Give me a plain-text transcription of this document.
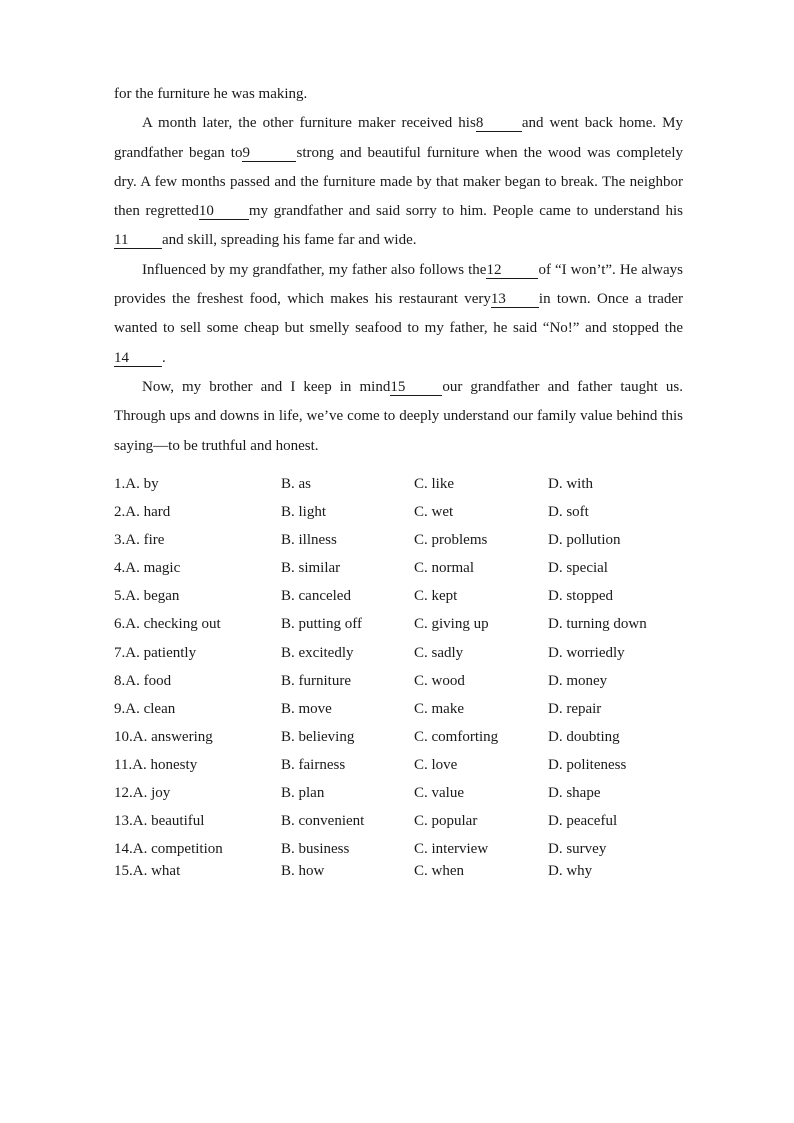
for the furniture he was making.

A month later, the other furniture maker received his8	and went back home. My grandfather began to9	strong and beautiful furniture when the wood was completely dry. A few months passed and the furniture made by that maker began to break. The neighbor then regretted10 my grandfather and said sorry to him. People came to understand his11 and skill, spreading his fame far and wide.

Influenced by my grandfather, my father also follows the12 of “I won’t”. He always provides the freshest food, which makes his restaurant very13 in town. Once a trader wanted to sell some cheap but smelly seafood to my father, he said “No!” and stopped the14 .

Now, my brother and I keep in mind15 our grandfather and father taught us. Through ups and downs in life, we’ve come to deeply understand our family value behind this saying—to be truthful and honest.

1.A. by	B. as	C. like	D. with
2.A. hard	B. light	C. wet	D. soft
3.A. fire	B. illness	C. problems	D. pollution
4.A. magic	B. similar	C. normal	D. special
5.A. began	B. canceled	C. kept	D. stopped
6.A. checking out	B. putting off	C. giving up	D. turning down
7.A. patiently	B. excitedly	C. sadly	D. worriedly
8.A. food	B. furniture	C. wood	D. money
9.A. clean	B. move	C. make	D. repair
10.A. answering	B. believing	C. comforting	D. doubting
11.A. honesty	B. fairness	C. love	D. politeness
12.A. joy	B. plan	C. value	D. shape
13.A. beautiful	B. convenient	C. popular	D. peaceful
14.A. competition	B. business	C. interview	D. survey
15.A. what	B. how	C. when	D. why
